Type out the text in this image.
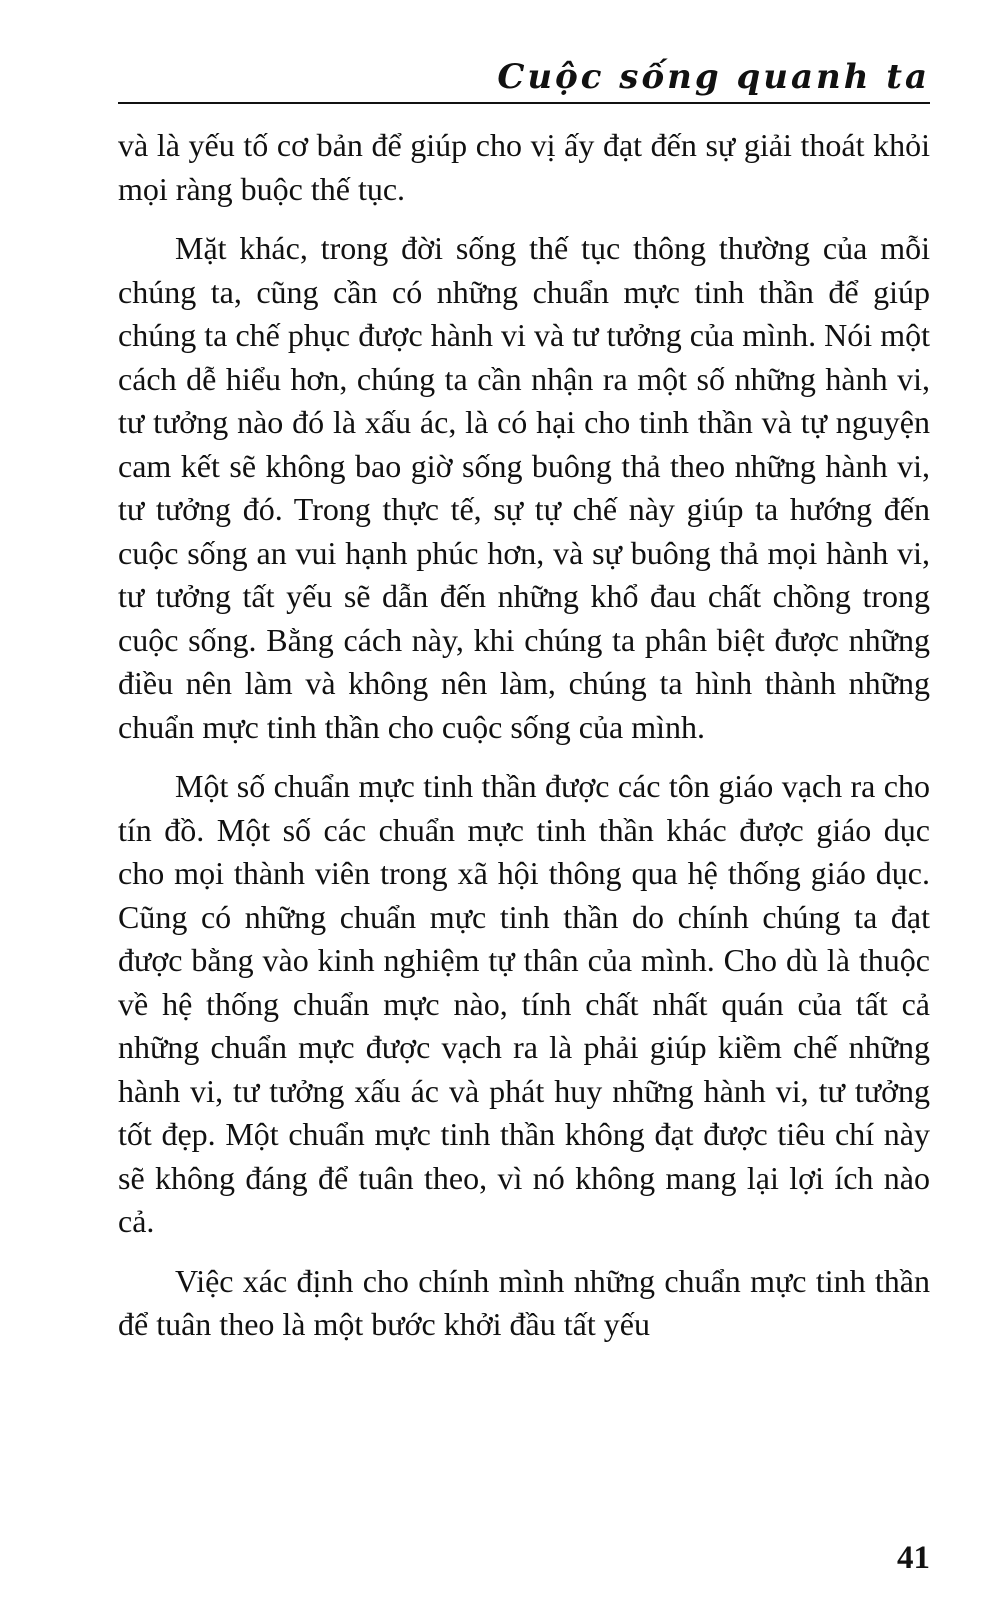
Cuộc sống quanh ta

và là yếu tố cơ bản để giúp cho vị ấy đạt đến sự giải thoát khỏi mọi ràng buộc thế tục.

Mặt khác, trong đời sống thế tục thông thường của mỗi chúng ta, cũng cần có những chuẩn mực tinh thần để giúp chúng ta chế phục được hành vi và tư tưởng của mình. Nói một cách dễ hiểu hơn, chúng ta cần nhận ra một số những hành vi, tư tưởng nào đó là xấu ác, là có hại cho tinh thần và tự nguyện cam kết sẽ không bao giờ sống buông thả theo những hành vi, tư tưởng đó. Trong thực tế, sự tự chế này giúp ta hướng đến cuộc sống an vui hạnh phúc hơn, và sự buông thả mọi hành vi, tư tưởng tất yếu sẽ dẫn đến những khổ đau chất chồng trong cuộc sống. Bằng cách này, khi chúng ta phân biệt được những điều nên làm và không nên làm, chúng ta hình thành những chuẩn mực tinh thần cho cuộc sống của mình.

Một số chuẩn mực tinh thần được các tôn giáo vạch ra cho tín đồ. Một số các chuẩn mực tinh thần khác được giáo dục cho mọi thành viên trong xã hội thông qua hệ thống giáo dục. Cũng có những chuẩn mực tinh thần do chính chúng ta đạt được bằng vào kinh nghiệm tự thân của mình. Cho dù là thuộc về hệ thống chuẩn mực nào, tính chất nhất quán của tất cả những chuẩn mực được vạch ra là phải giúp kiềm chế những hành vi, tư tưởng xấu ác và phát huy những hành vi, tư tưởng tốt đẹp. Một chuẩn mực tinh thần không đạt được tiêu chí này sẽ không đáng để tuân theo, vì nó không mang lại lợi ích nào cả.

Việc xác định cho chính mình những chuẩn mực tinh thần để tuân theo là một bước khởi đầu tất yếu

41
